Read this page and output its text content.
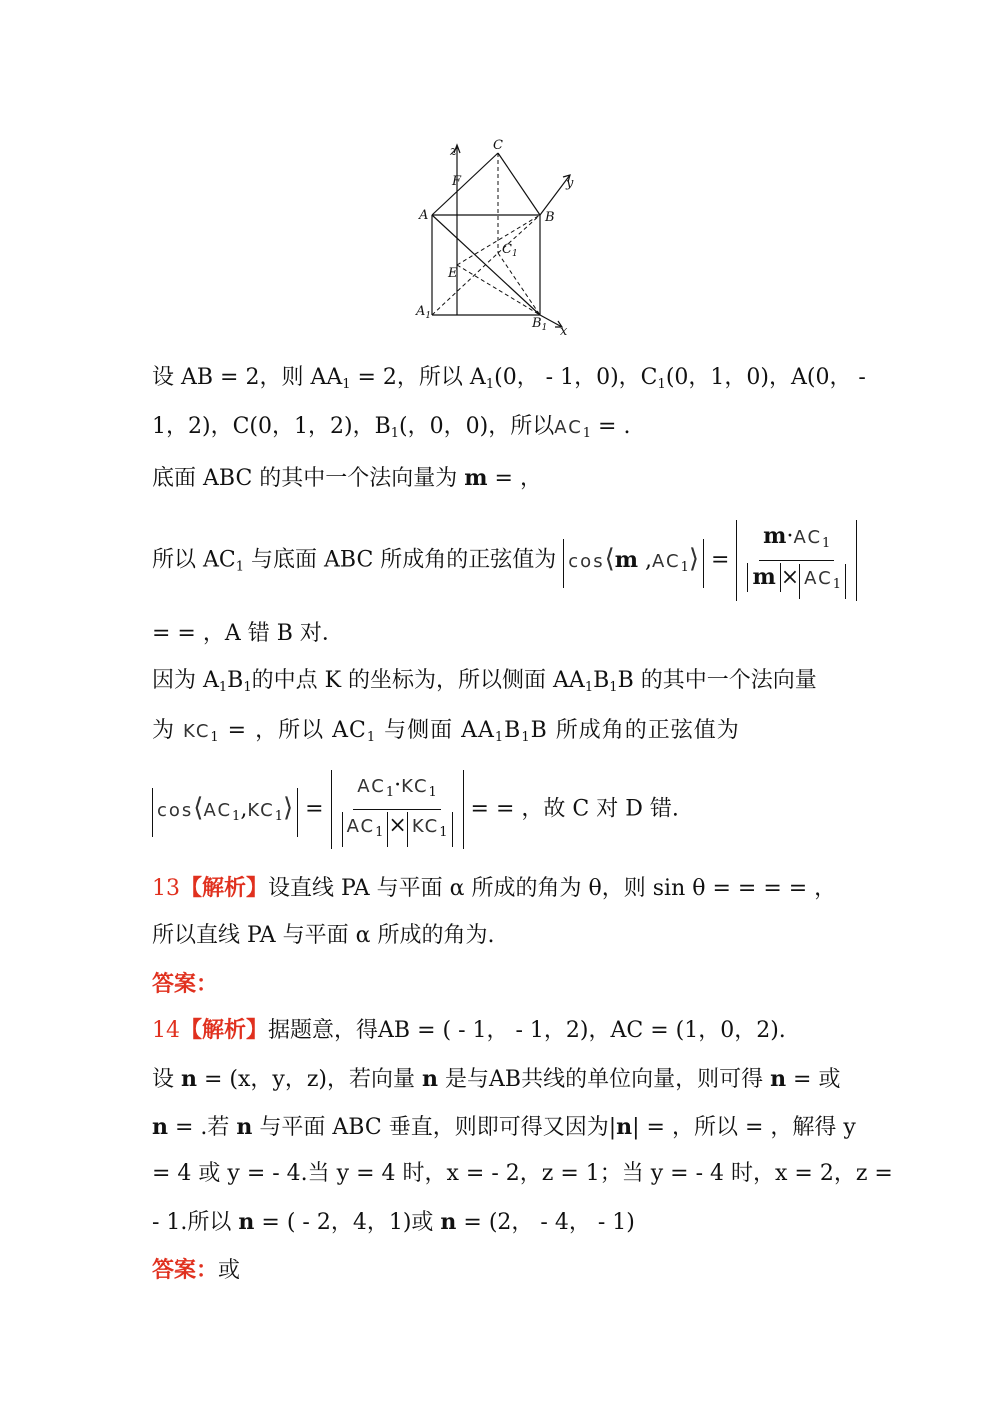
z	C
y
F
A	B
$C_1$
E
$A_1$	$B_1$ x
设 AB = 2，则 $AA_1 = 2$，所以 $A_1(0$， - 1，0)，$C_1(0$，1，0)，A(0， -
1，2)，C(0，1，2)，$B_1$(，0，0)，所以$AC_1$ = .
底面 ABC 的其中一个法向量为 m = ，
所以 $AC_1$ 与底面 ABC 所成角的正弦值为 cos⟨m $,AC_1⟩ = \frac{m\cdot AC_1}{m \times AC_1}$
= = ，A 错 B 对．
因为 $A_1B_1$的中点 K 的坐标为，所以侧面 $AA_1B_1B$ 的其中一个法向量
为 $KC_1$ = ，所以 $AC_1$ 与侧面 $AA_1B_1B$ 所成角的正弦值为
$\cos⟨AC_1,KC_1⟩ = \frac{AC_1\cdot KC_1}{AC_1 \times KC_1}$ = = ，故 C 对 D 错.
13【解析】设直线 PA 与平面 α 所成的角为 θ，则 sin θ = = = = ，
所以直线 PA 与平面 α 所成的角为.
答案：
14【解析】据题意，得AB = ( - 1， - 1，2)，AC = (1，0，2).
设 n = (x，y，z)，若向量 n 是与AB共线的单位向量，则可得 n = 或
n = .若 n 与平面 ABC 垂直，则即可得又因为|n| = ，所以 = ，解得 y
= 4 或 y = - 4.当 y = 4 时，x = - 2，z = 1；当 y = - 4 时，x = 2，z =
- 1.所以 n = ( - 2，4，1)或 n = (2， - 4， - 1)
答案：或
